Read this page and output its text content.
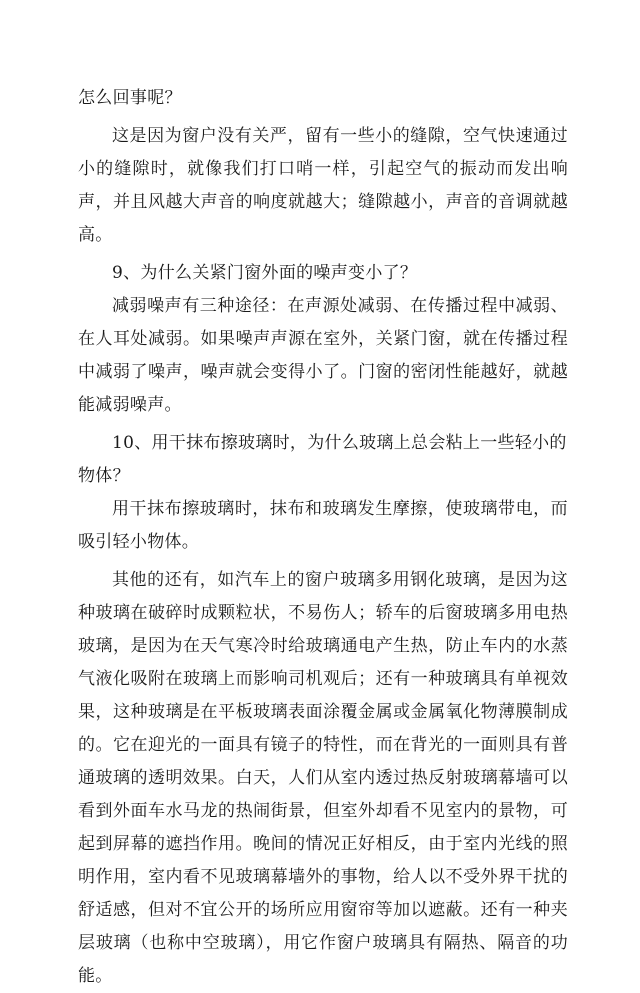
怎么回事呢？

这是因为窗户没有关严，留有一些小的缝隙，空气快速通过小的缝隙时，就像我们打口哨一样，引起空气的振动而发出响声，并且风越大声音的响度就越大；缝隙越小，声音的音调就越高。

9、为什么关紧门窗外面的噪声变小了？

减弱噪声有三种途径：在声源处减弱、在传播过程中减弱、在人耳处减弱。如果噪声声源在室外，关紧门窗，就在传播过程中减弱了噪声，噪声就会变得小了。门窗的密闭性能越好，就越能减弱噪声。

10、用干抹布擦玻璃时，为什么玻璃上总会粘上一些轻小的物体？

用干抹布擦玻璃时，抹布和玻璃发生摩擦，使玻璃带电，而吸引轻小物体。

其他的还有，如汽车上的窗户玻璃多用钢化玻璃，是因为这种玻璃在破碎时成颗粒状，不易伤人；轿车的后窗玻璃多用电热玻璃，是因为在天气寒冷时给玻璃通电产生热，防止车内的水蒸气液化吸附在玻璃上而影响司机观后；还有一种玻璃具有单视效果，这种玻璃是在平板玻璃表面涂覆金属或金属氧化物薄膜制成的。它在迎光的一面具有镜子的特性，而在背光的一面则具有普通玻璃的透明效果。白天，人们从室内透过热反射玻璃幕墙可以看到外面车水马龙的热闹街景，但室外却看不见室内的景物，可起到屏幕的遮挡作用。晚间的情况正好相反，由于室内光线的照明作用，室内看不见玻璃幕墙外的事物，给人以不受外界干扰的舒适感，但对不宜公开的场所应用窗帘等加以遮蔽。还有一种夹层玻璃（也称中空玻璃），用它作窗户玻璃具有隔热、隔音的功能。
